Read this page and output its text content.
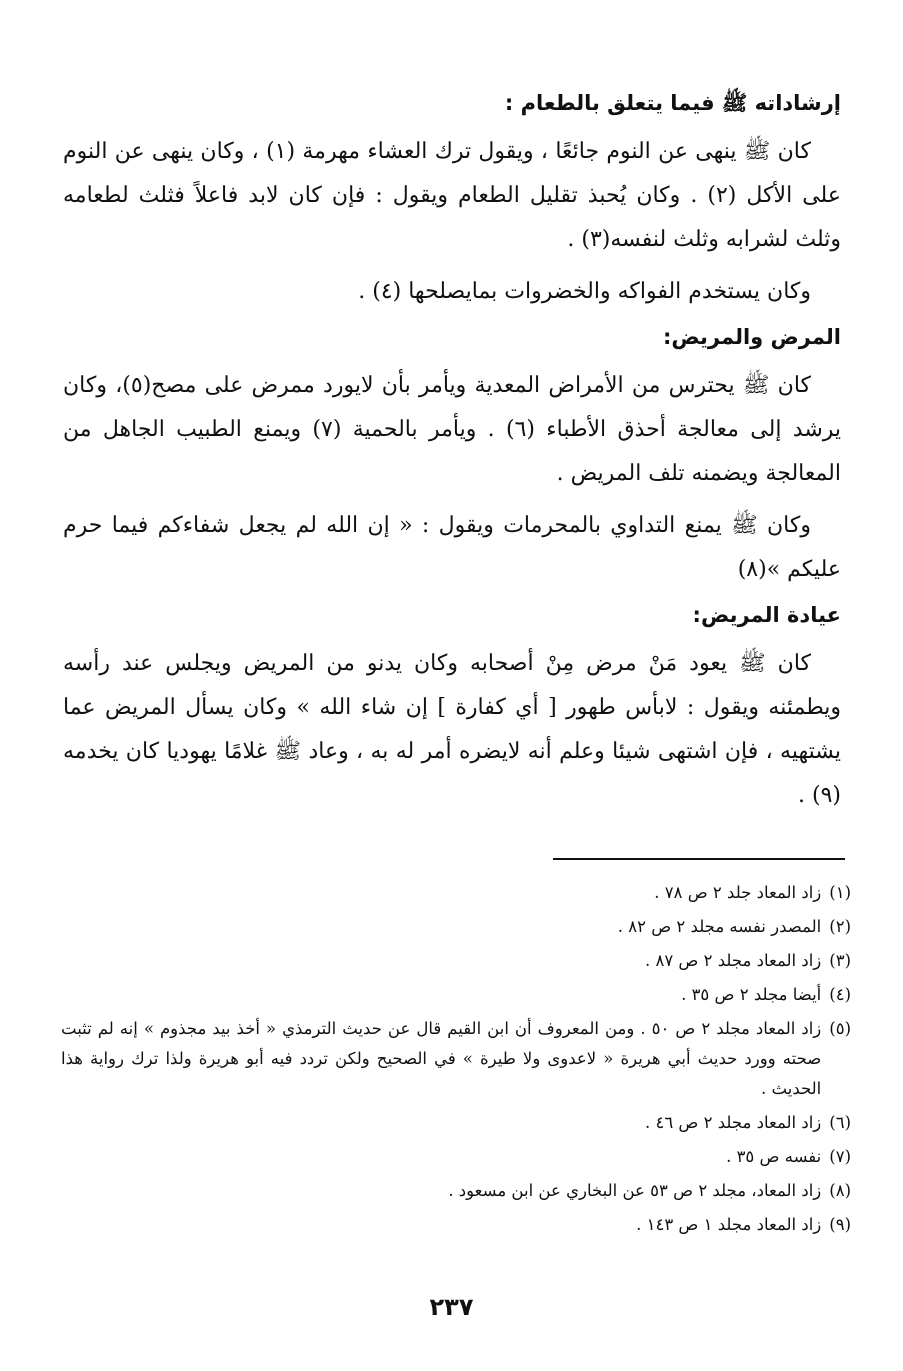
إرشاداته ﷺ فيما يتعلق بالطعام :

كان ﷺ ينهى عن النوم جائعًا ، ويقول ترك العشاء مهرمة (١) ، وكان ينهى عن النوم على الأكل (٢) . وكان يُحبذ تقليل الطعام ويقول : فإن كان لابد فاعلاً فثلث لطعامه وثلث لشرابه وثلث لنفسه(٣) .

وكان يستخدم الفواكه والخضروات بمايصلحها (٤) .

المرض والمريض:

كان ﷺ يحترس من الأمراض المعدية ويأمر بأن لايورد ممرض على مصح(٥)، وكان يرشد إلى معالجة أحذق الأطباء (٦) . ويأمر بالحمية (٧) ويمنع الطبيب الجاهل من المعالجة ويضمنه تلف المريض .

وكان ﷺ يمنع التداوي بالمحرمات ويقول : « إن الله لم يجعل شفاءكم فيما حرم عليكم »(٨)

عيادة المريض:

كان ﷺ يعود مَنْ مرض مِنْ أصحابه وكان يدنو من المريض ويجلس عند رأسه ويطمئنه ويقول : لابأس طهور [ أي كفارة ] إن شاء الله » وكان يسأل المريض عما يشتهيه ، فإن اشتهى شيئا وعلم أنه لايضره أمر له به ، وعاد ﷺ غلامًا يهوديا كان يخدمه (٩) .

(١)
زاد المعاد جلد ٢ ص ٧٨ .
(٢)
المصدر نفسه مجلد ٢ ص ٨٢ .
(٣)
زاد المعاد مجلد ٢ ص ٨٧ .
(٤)
أيضا مجلد ٢ ص ٣٥ .
(٥)
زاد المعاد مجلد ٢ ص ٥٠ . ومن المعروف أن ابن القيم قال عن حديث الترمذي « أخذ بيد مجذوم » إنه لم تثبت صحته وورد حديث أبي هريرة « لاعدوى ولا طيرة » في الصحيح ولكن تردد فيه أبو هريرة ولذا ترك رواية هذا الحديث .
(٦)
زاد المعاد مجلد ٢ ص ٤٦ .
(٧)
نفسه ص ٣٥ .
(٨)
زاد المعاد، مجلد ٢ ص ٥٣ عن البخاري عن ابن مسعود .
(٩)
زاد المعاد مجلد ١ ص ١٤٣ .
٢٣٧
